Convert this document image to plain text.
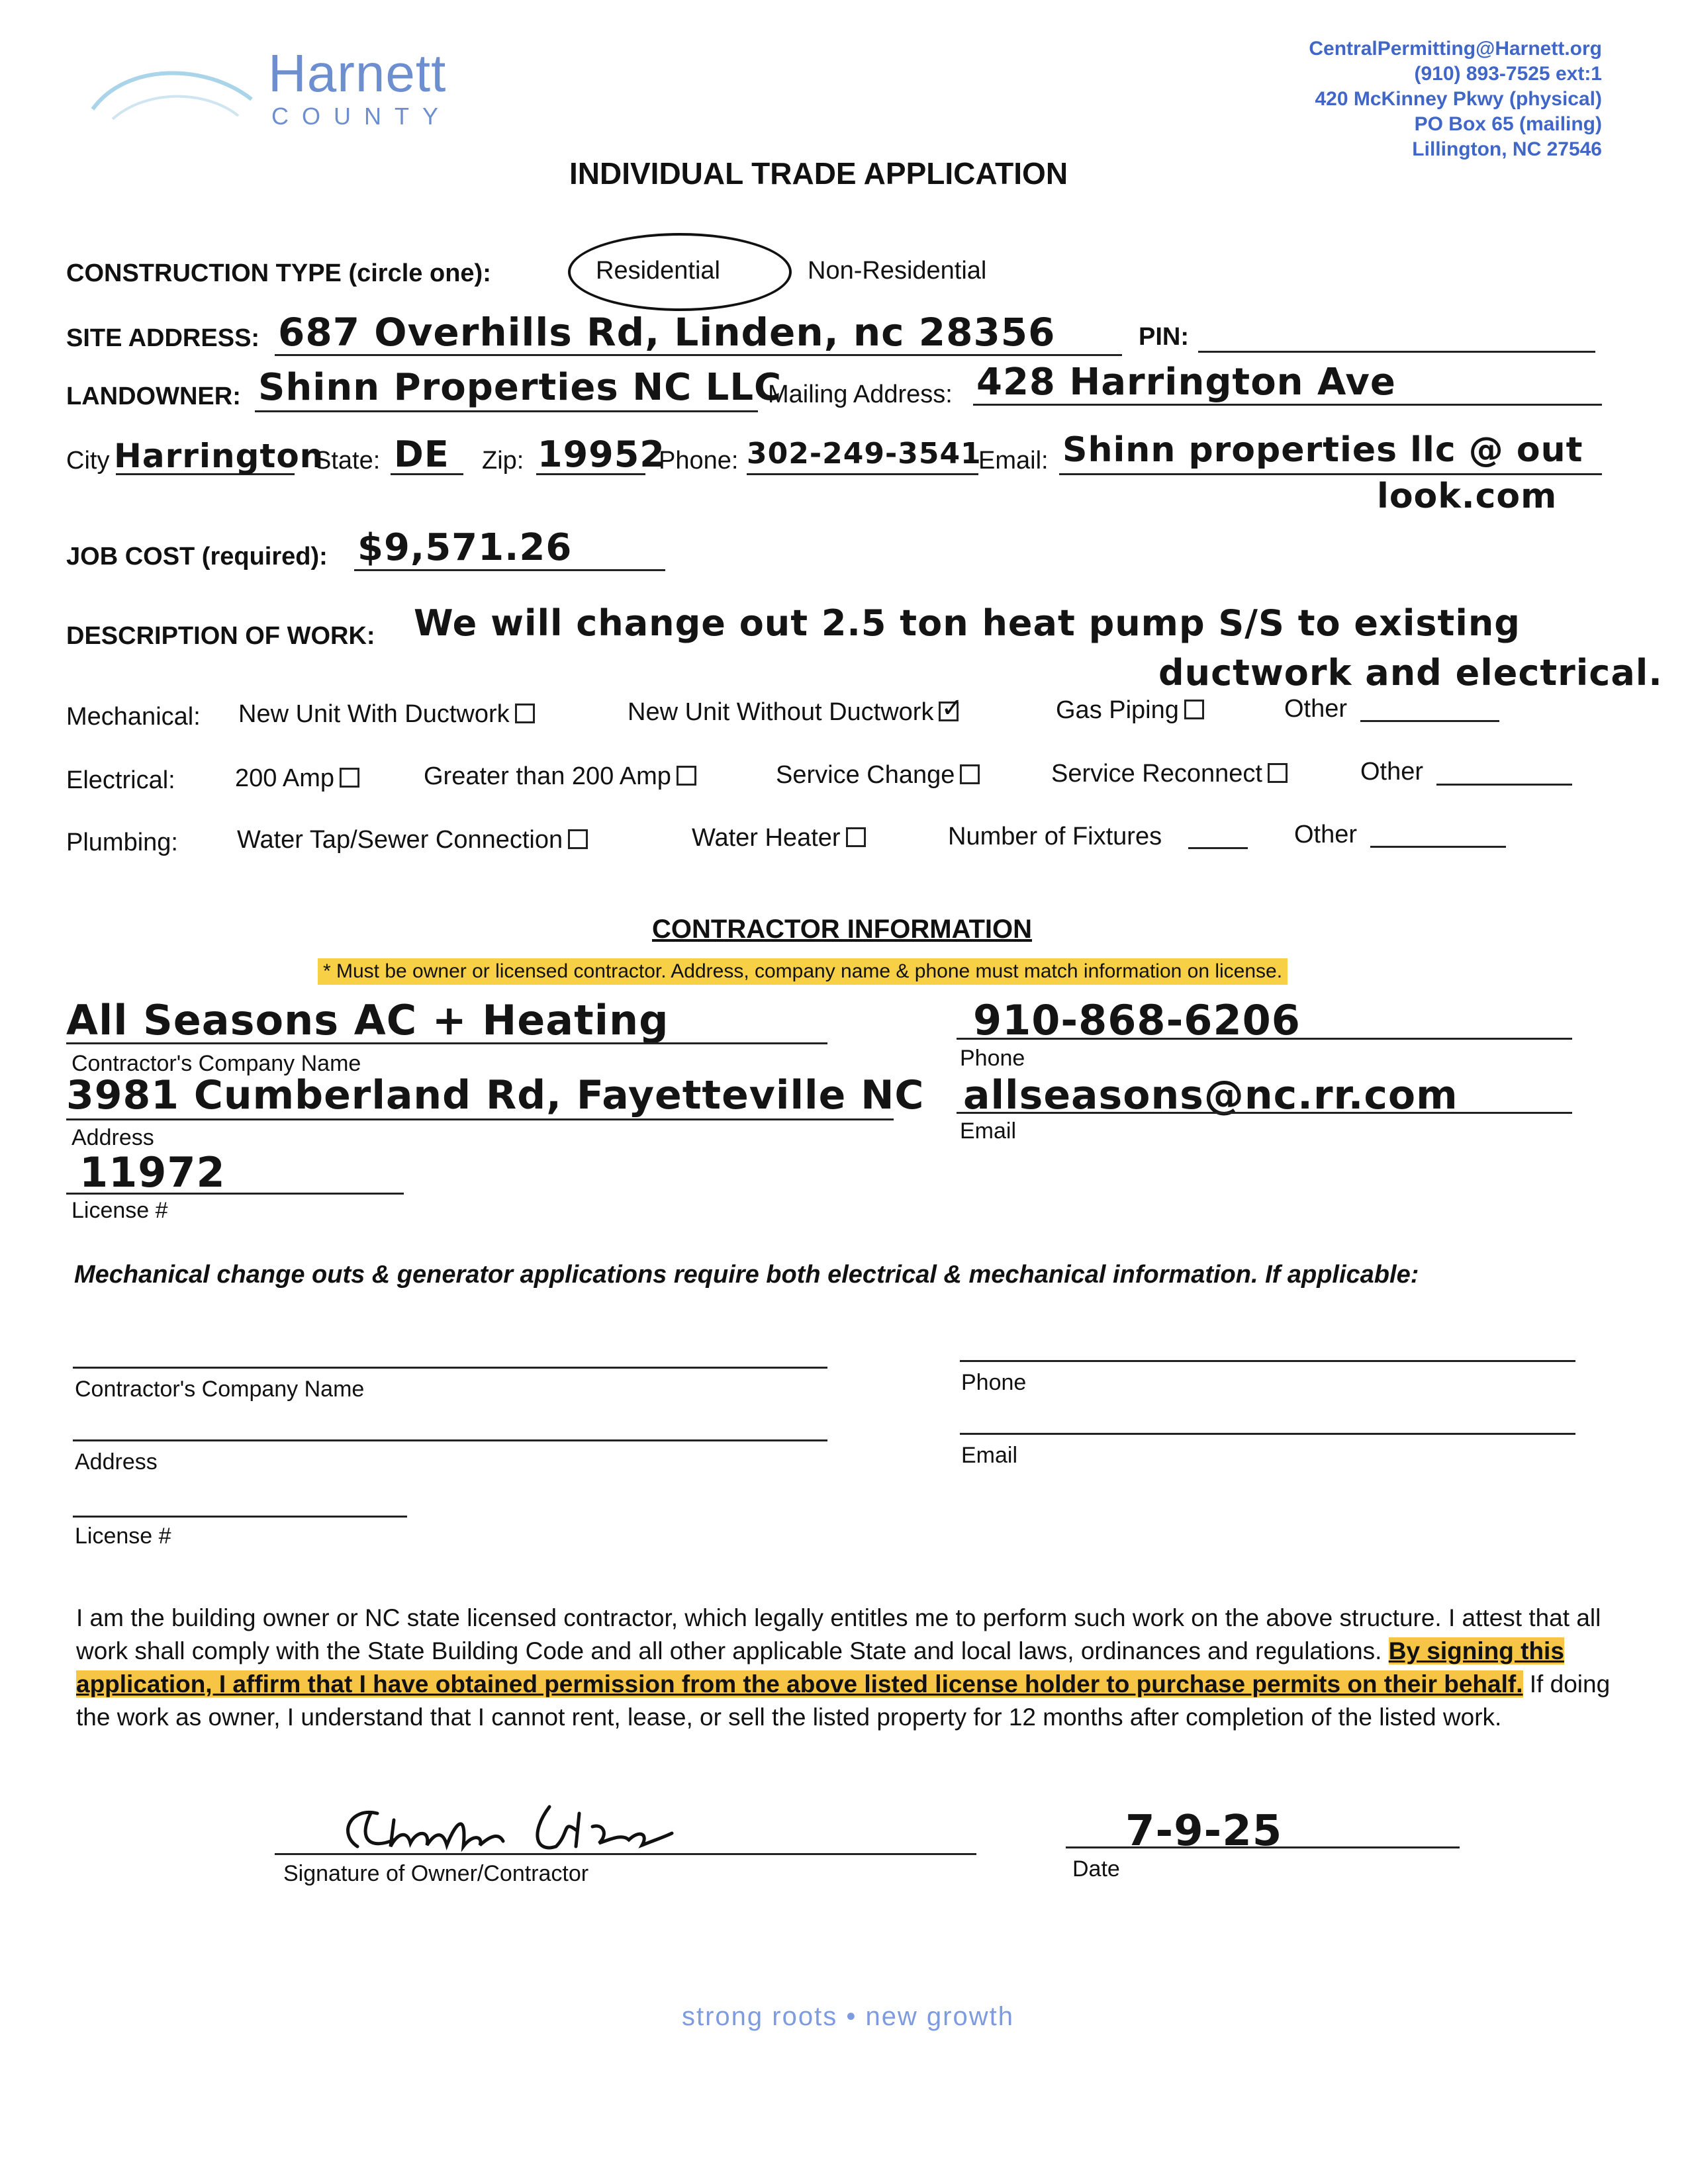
Harnett
COUNTY
CentralPermitting@Harnett.org
(910) 893-7525 ext:1
420 McKinney Pkwy (physical)
PO Box 65 (mailing)
Lillington, NC 27546
INDIVIDUAL TRADE APPLICATION
CONSTRUCTION TYPE (circle one):	Residential	Non-Residential
SITE ADDRESS: 687 Overhills Rd, Linden, nc 28356	PIN:
LANDOWNER: Shinn Properties NC LLC
Mailing Address: 428 Harrington Ave
City Harrington
State: DE Zip: 19952
Phone: 302-249-3541
Email: Shinn properties llc @ out
look.com
JOB COST (required): $9,571.26
DESCRIPTION OF WORK: We will change out 2.5 ton heat pump S/S to existing
ductwork and electrical.
Mechanical: New Unit With Ductwork	New Unit Without Ductwork✓	Gas Piping	Other
Electrical: 200 Amp	Greater than 200 Amp	Service Change	Service Reconnect	Other
Plumbing: Water Tap/Sewer Connection	Water Heater	Number of Fixtures	Other
CONTRACTOR INFORMATION
* Must be owner or licensed contractor. Address, company name & phone must match information on license.
All Seasons AC + Heating
Contractor's Company Name
910-868-6206
Phone
3981 Cumberland Rd, Fayetteville NC
Address
allseasons@nc.rr.com
Email
11972
License #
Mechanical change outs & generator applications require both electrical & mechanical information. If applicable:
Contractor's Company Name	Phone
Address	Email
License #
I am the building owner or NC state licensed contractor, which legally entitles me to perform such work on the above structure. I attest that all work shall comply with the State Building Code and all other applicable State and local laws, ordinances and regulations. By signing this application, I affirm that I have obtained permission from the above listed license holder to purchase permits on their behalf. If doing the work as owner, I understand that I cannot rent, lease, or sell the listed property for 12 months after completion of the listed work.
Signature of Owner/Contractor
7-9-25
Date
strong roots • new growth
